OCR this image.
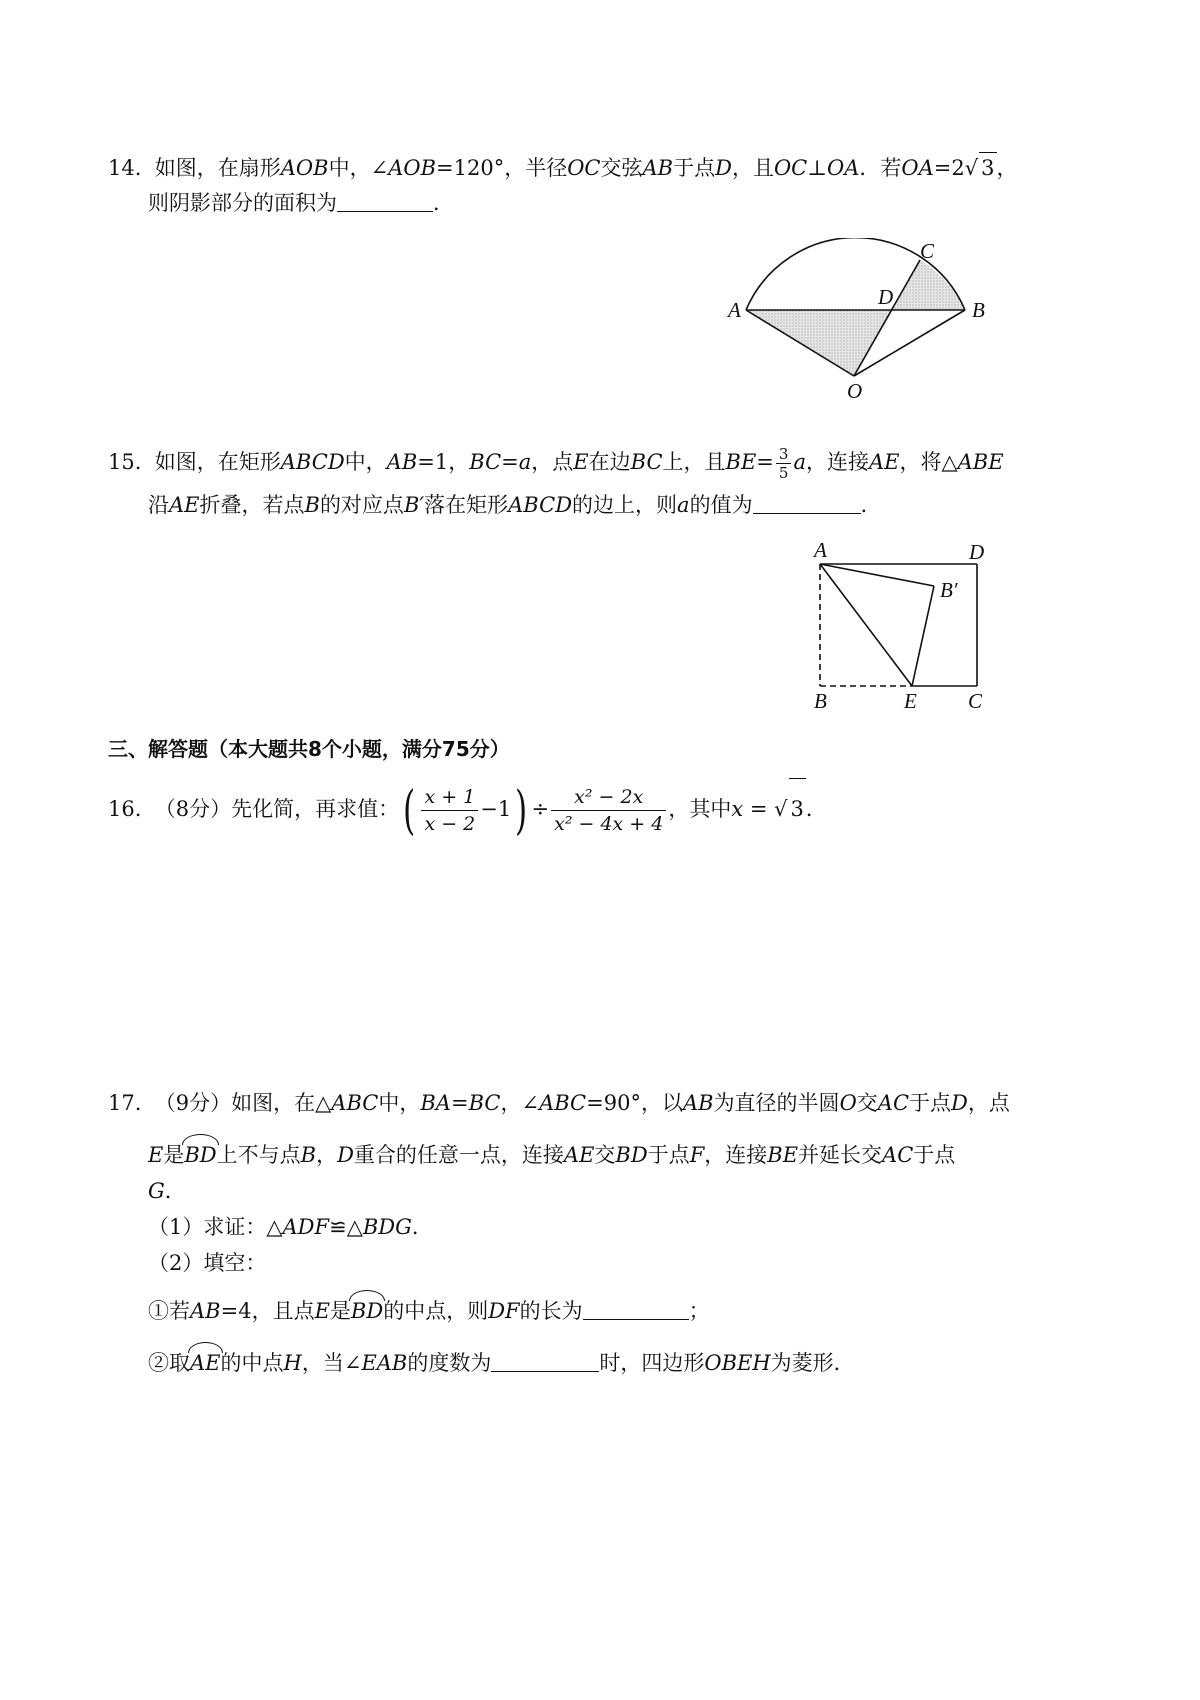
14. 如图，在扇形AOB中，∠AOB=120°，半径OC交弦AB于点D，且OC⊥OA．若OA=2√ 3，
则阴影部分的面积为	．
A	B
C
D
O
15. 如图，在矩形ABCD中，AB=1，BC=a，点E在边BC上，且$BE= \frac{3}{5}$ a，连接AE，将△ABE
沿AE折叠，若点B的对应点B′落在矩形ABCD的边上，则a的值为	．
A	D
B′
B	E C
三、解答题（本大题共8个小题，满分75分）
16. （8分）先化简，再求值：( $\frac{x + 1}{x - 2} -1) \div \frac{\text{x² − 2x}}{\text{x² − 4x + 4}}$ ，其中x = √ 3．
17. （9分）如图，在△ABC中，BA=BC，∠ABC=90°，以AB为直径的半圆O交AC于点D，点
E是BD上不与点B，D重合的任意一点，连接AE交BD于点F，连接BE并延长交AC于点
G．
（1）求证：△ADF≌△BDG．
（2）填空：
①若AB=4，且点E是BD的中点，则DF的长为	；
②取AE的中点H，当∠EAB的度数为	时，四边形OBEH为菱形．
